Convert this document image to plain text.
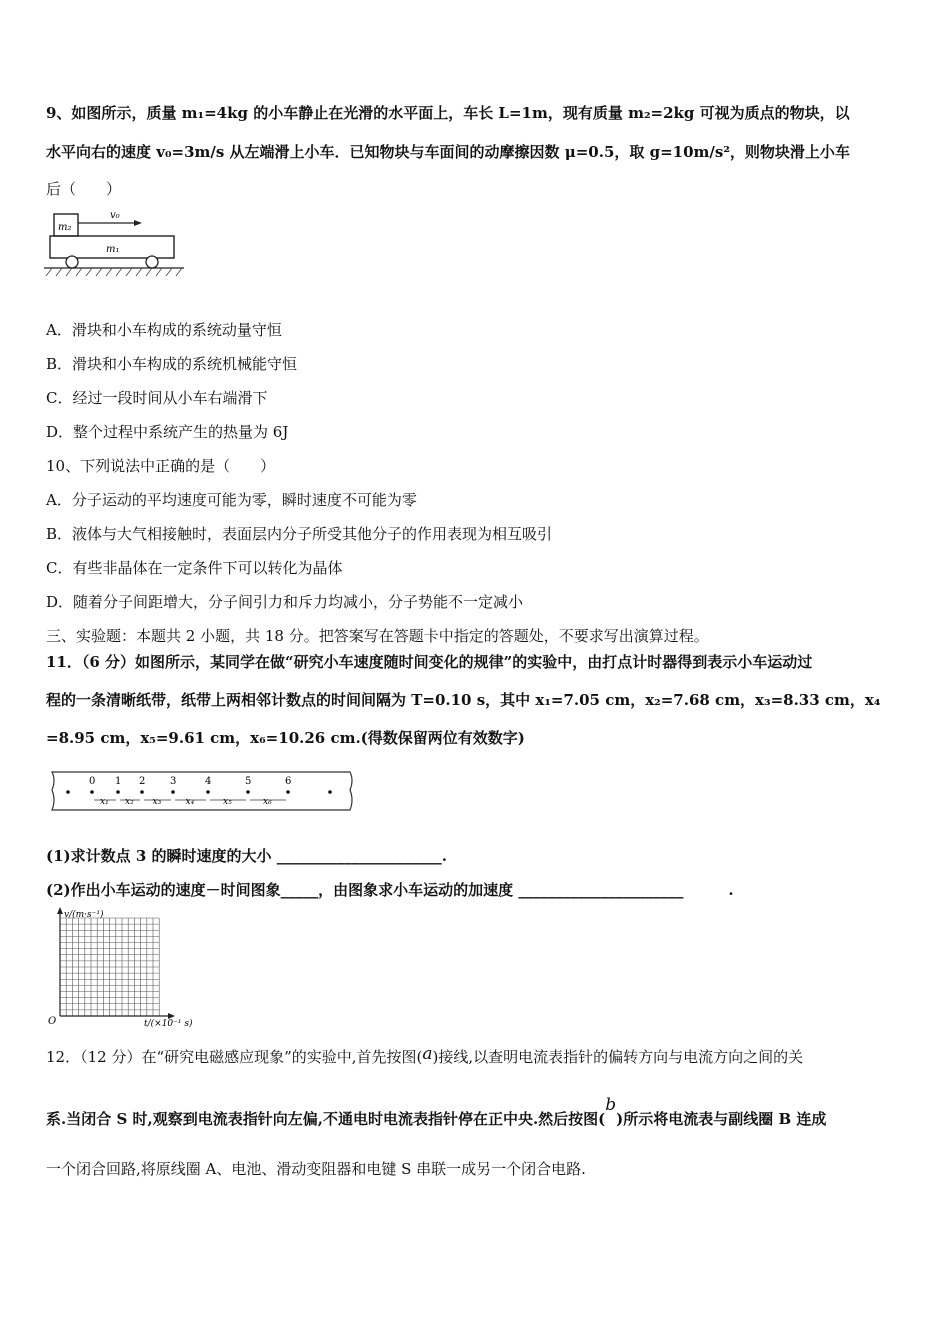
9、如图所示，质量 m₁=4kg 的小车静止在光滑的水平面上，车长 L=1m，现有质量 m₂=2kg 可视为质点的物块，以
水平向右的速度 v₀=3m/s 从左端滑上小车．已知物块与车面间的动摩擦因数 μ=0.5，取 g=10m/s²，则物块滑上小车
后（　　）
m₂
v₀
m₁
A．滑块和小车构成的系统动量守恒
B．滑块和小车构成的系统机械能守恒
C．经过一段时间从小车右端滑下
D．整个过程中系统产生的热量为 6J
10、下列说法中正确的是（　　）
A．分子运动的平均速度可能为零，瞬时速度不可能为零
B．液体与大气相接触时，表面层内分子所受其他分子的作用表现为相互吸引
C．有些非晶体在一定条件下可以转化为晶体
D．随着分子间距增大，分子间引力和斥力均减小，分子势能不一定减小
三、实验题：本题共 2 小题，共 18 分。把答案写在答题卡中指定的答题处，不要求写出演算过程。
11．（6 分）如图所示，某同学在做“研究小车速度随时间变化的规律”的实验中，由打点计时器得到表示小车运动过
程的一条清晰纸带，纸带上两相邻计数点的时间间隔为 T=0.10 s，其中 x₁=7.05 cm，x₂=7.68 cm，x₃=8.33 cm，x₄
=8.95 cm，x₅=9.61 cm，x₆=10.26 cm.(得数保留两位有效数字)
0 1 2 3	4	5	6
x₁ x₂ x₃	x₄	x₅	x₆
(1)求计数点 3 的瞬时速度的大小 ______________________.
(2)作出小车运动的速度－时间图象_____，由图象求小车运动的加速度 ______________________　　　.
v/(m·s⁻¹)
t/(×10⁻¹ s)
O
12．（12 分）在“研究电磁感应现象”的实验中,首先按图(a)接线,以查明电流表指针的偏转方向与电流方向之间的关
系.当闭合 S 时,观察到电流表指针向左偏,不通电时电流表指针停在正中央.然后按图(b)所示将电流表与副线圈 B 连成
一个闭合回路,将原线圈 A、电池、滑动变阻器和电键 S 串联一成另一个闭合电路.
